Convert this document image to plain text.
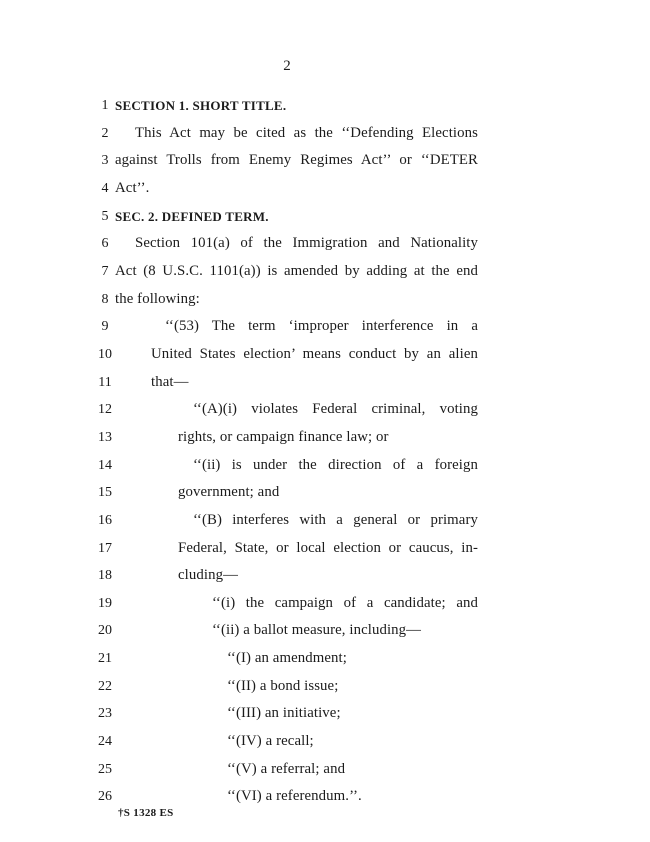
2
1 SECTION 1. SHORT TITLE.
2	This Act may be cited as the ‘‘Defending Elections
3 against Trolls from Enemy Regimes Act’’ or ‘‘DETER
4 Act’’.
5 SEC. 2. DEFINED TERM.
6	Section 101(a) of the Immigration and Nationality
7 Act (8 U.S.C. 1101(a)) is amended by adding at the end
8 the following:
9	‘‘(53) The term ‘improper interference in a
10	United States election’ means conduct by an alien
11	that—
12	‘‘(A)(i) violates Federal criminal, voting
13	rights, or campaign finance law; or
14	‘‘(ii) is under the direction of a foreign
15	government; and
16	‘‘(B) interferes with a general or primary
17	Federal, State, or local election or caucus, in-
18	cluding—
19	‘‘(i) the campaign of a candidate; and
20	‘‘(ii) a ballot measure, including—
21	‘‘(I) an amendment;
22	‘‘(II) a bond issue;
23	‘‘(III) an initiative;
24	‘‘(IV) a recall;
25	‘‘(V) a referral; and
26	‘‘(VI) a referendum.’’.
†S 1328 ES
